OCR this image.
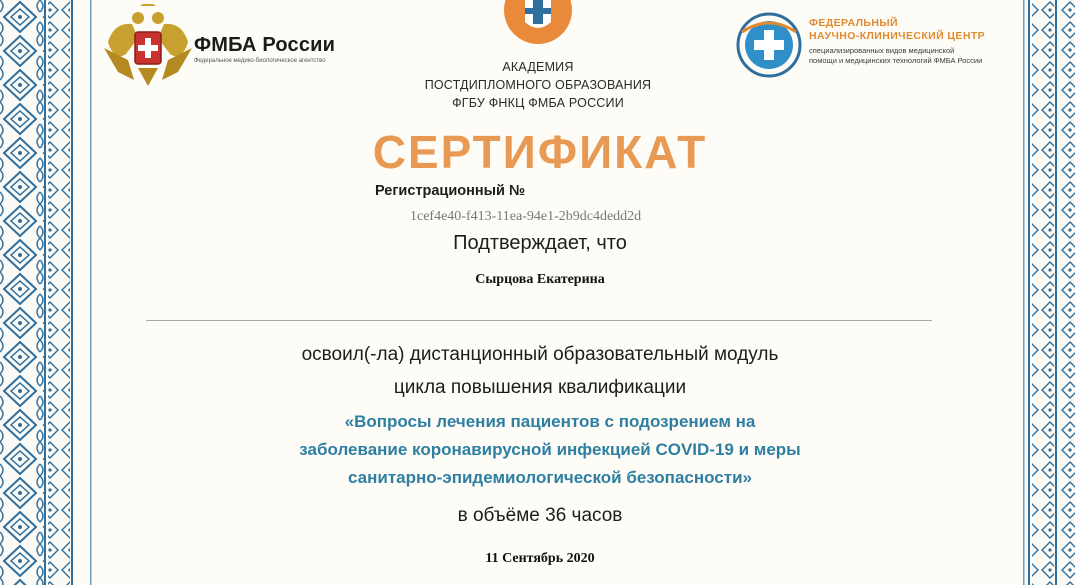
ФМБА России
Федеральное медико-биологическое агентство	АКАДЕМИЯ
ПОСТДИПЛОМНОГО ОБРАЗОВАНИЯ
ФГБУ ФНКЦ ФМБА РОССИИ
ФЕДЕРАЛЬНЫЙ
НАУЧНО-КЛИНИЧЕСКИЙ ЦЕНТР
специализированных видов медицинской помощи и медицинских технологий ФМБА России
СЕРТИФИКАТ
Регистрационный №
1cef4e40-f413-11ea-94e1-2b9dc4dedd2d
Подтверждает, что
Сырцова Екатерина
освоил(-ла) дистанционный образовательный модуль
цикла повышения квалификации
«Вопросы лечения пациентов с подозрением на
заболевание коронавирусной инфекцией COVID-19 и меры
санитарно-эпидемиологической безопасности»
в объёме 36 часов
11 Сентябрь 2020
